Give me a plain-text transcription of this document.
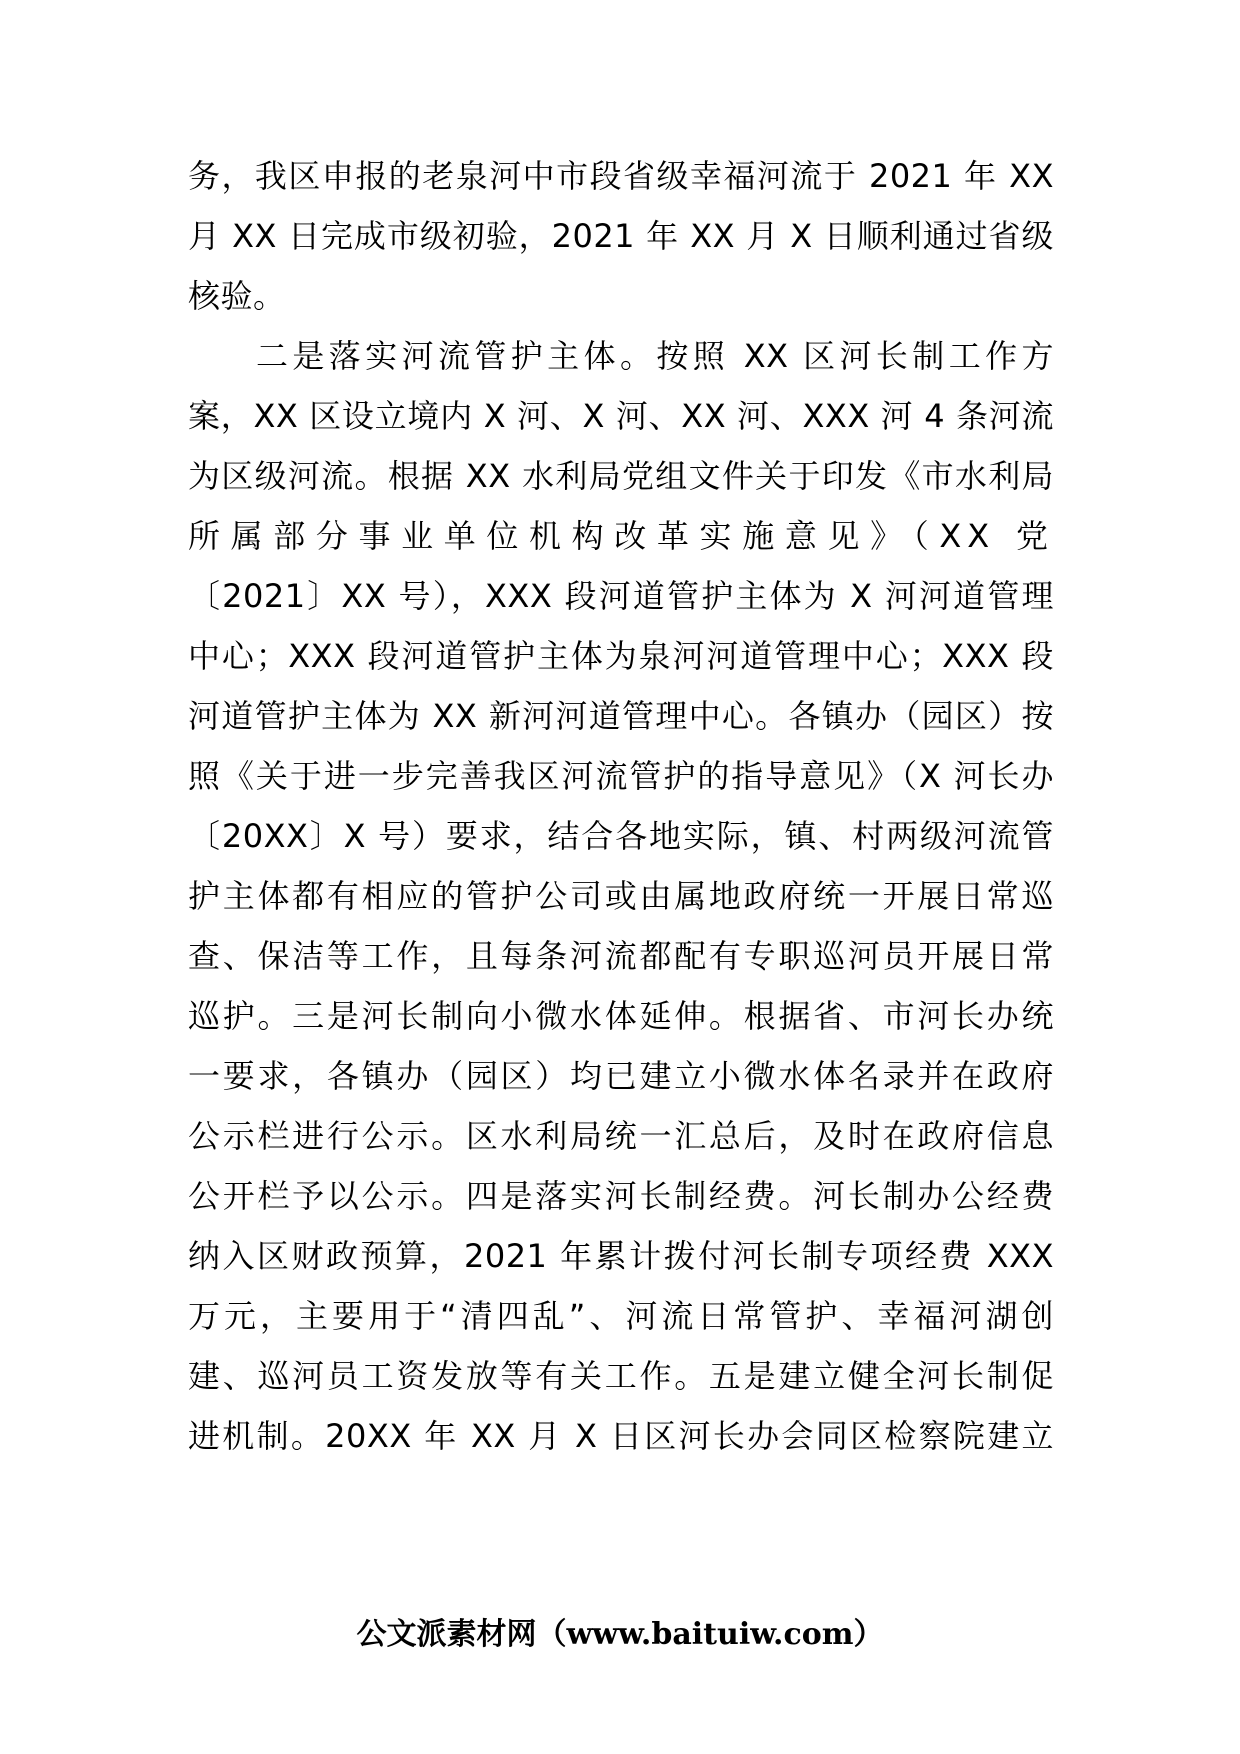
务，我区申报的老泉河中市段省级幸福河流于 2021 年 XX
月 XX 日完成市级初验，2021 年 XX 月 X 日顺利通过省级
核验。
二是落实河流管护主体。按照 XX 区河长制工作方
案，XX 区设立境内 X 河、X 河、XX 河、XXX 河 4 条河流
为区级河流。根据 XX 水利局党组文件关于印发《市水利局
所属部分事业单位机构改革实施意见》（XX 党
〔2021〕XX 号），XXX 段河道管护主体为 X 河河道管理
中心；XXX 段河道管护主体为泉河河道管理中心；XXX 段
河道管护主体为 XX 新河河道管理中心。各镇办（园区）按
照《关于进一步完善我区河流管护的指导意见》（X 河长办
〔20XX〕X 号）要求，结合各地实际，镇、村两级河流管
护主体都有相应的管护公司或由属地政府统一开展日常巡
查、保洁等工作，且每条河流都配有专职巡河员开展日常
巡护。三是河长制向小微水体延伸。根据省、市河长办统
一要求，各镇办（园区）均已建立小微水体名录并在政府
公示栏进行公示。区水利局统一汇总后，及时在政府信息
公开栏予以公示。四是落实河长制经费。河长制办公经费
纳入区财政预算，2021 年累计拨付河长制专项经费 XXX
万元，主要用于“清四乱”、河流日常管护、幸福河湖创
建、巡河员工资发放等有关工作。五是建立健全河长制促
进机制。20XX 年 XX 月 X 日区河长办会同区检察院建立
公文派素材网（www.baituiw.com）
